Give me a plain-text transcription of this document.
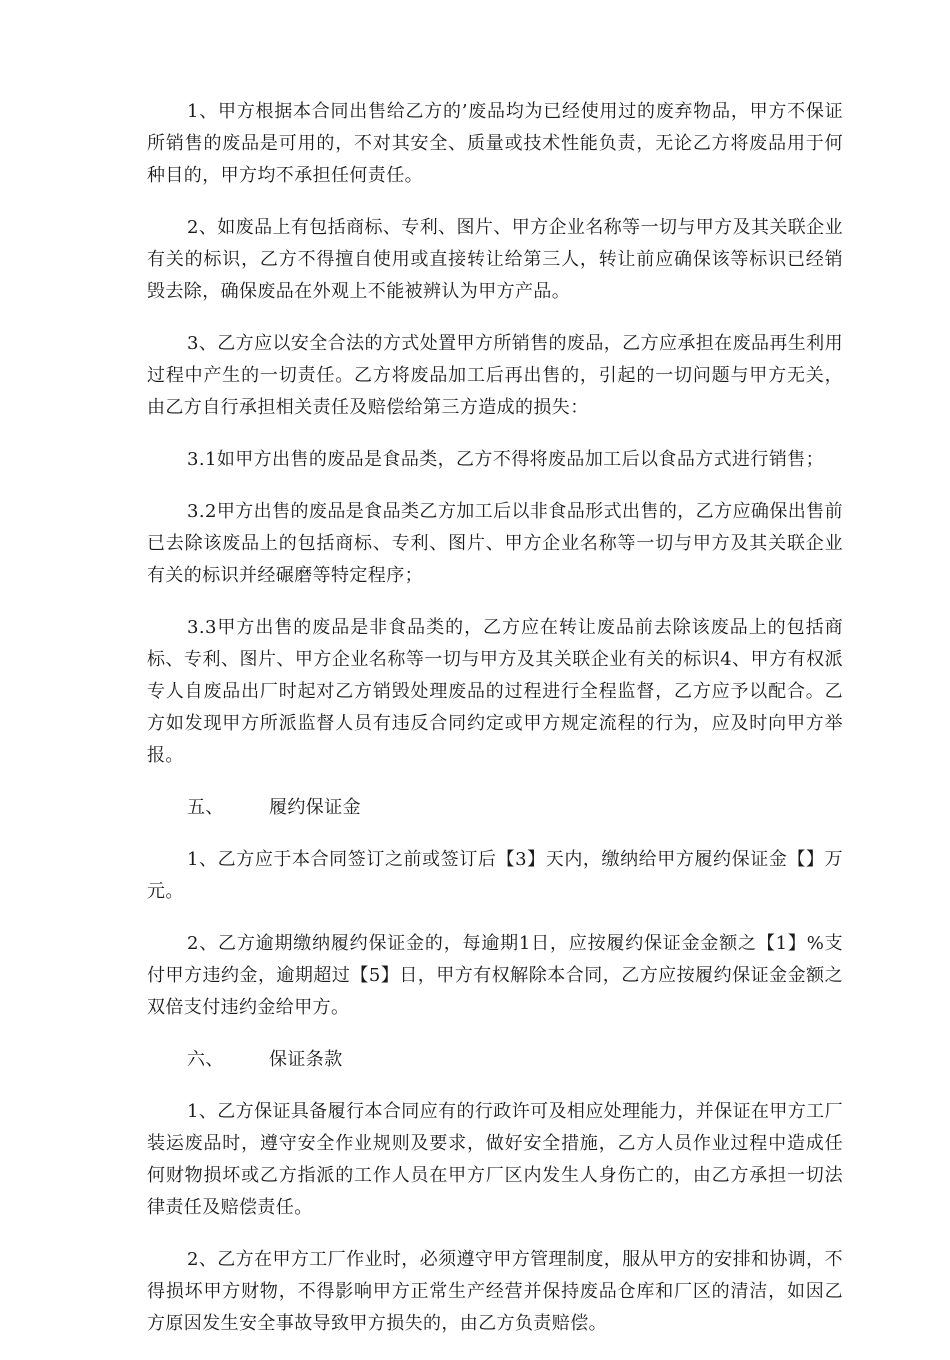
1、甲方根据本合同出售给乙方的’废品均为已经使用过的废弃物品，甲方不保证所销售的废品是可用的，不对其安全、质量或技术性能负责，无论乙方将废品用于何种目的，甲方均不承担任何责任。

2、如废品上有包括商标、专利、图片、甲方企业名称等一切与甲方及其关联企业有关的标识，乙方不得擅自使用或直接转让给第三人，转让前应确保该等标识已经销毁去除，确保废品在外观上不能被辨认为甲方产品。

3、乙方应以安全合法的方式处置甲方所销售的废品，乙方应承担在废品再生利用过程中产生的一切责任。乙方将废品加工后再出售的，引起的一切问题与甲方无关，由乙方自行承担相关责任及赔偿给第三方造成的损失：

3.1如甲方出售的废品是食品类，乙方不得将废品加工后以食品方式进行销售；

3.2甲方出售的废品是食品类乙方加工后以非食品形式出售的，乙方应确保出售前已去除该废品上的包括商标、专利、图片、甲方企业名称等一切与甲方及其关联企业有关的标识并经碾磨等特定程序；

3.3甲方出售的废品是非食品类的，乙方应在转让废品前去除该废品上的包括商标、专利、图片、甲方企业名称等一切与甲方及其关联企业有关的标识4、甲方有权派专人自废品出厂时起对乙方销毁处理废品的过程进行全程监督，乙方应予以配合。乙方如发现甲方所派监督人员有违反合同约定或甲方规定流程的行为，应及时向甲方举报。

五、	履约保证金

1、乙方应于本合同签订之前或签订后【3】天内，缴纳给甲方履约保证金【】万元。

2、乙方逾期缴纳履约保证金的，每逾期1日，应按履约保证金金额之【1】%支付甲方违约金，逾期超过【5】日，甲方有权解除本合同，乙方应按履约保证金金额之双倍支付违约金给甲方。

六、	保证条款

1、乙方保证具备履行本合同应有的行政许可及相应处理能力，并保证在甲方工厂装运废品时，遵守安全作业规则及要求，做好安全措施，乙方人员作业过程中造成任何财物损坏或乙方指派的工作人员在甲方厂区内发生人身伤亡的，由乙方承担一切法律责任及赔偿责任。

2、乙方在甲方工厂作业时，必须遵守甲方管理制度，服从甲方的安排和协调，不得损坏甲方财物，不得影响甲方正常生产经营并保持废品仓库和厂区的清洁，如因乙方原因发生安全事故导致甲方损失的，由乙方负责赔偿。
